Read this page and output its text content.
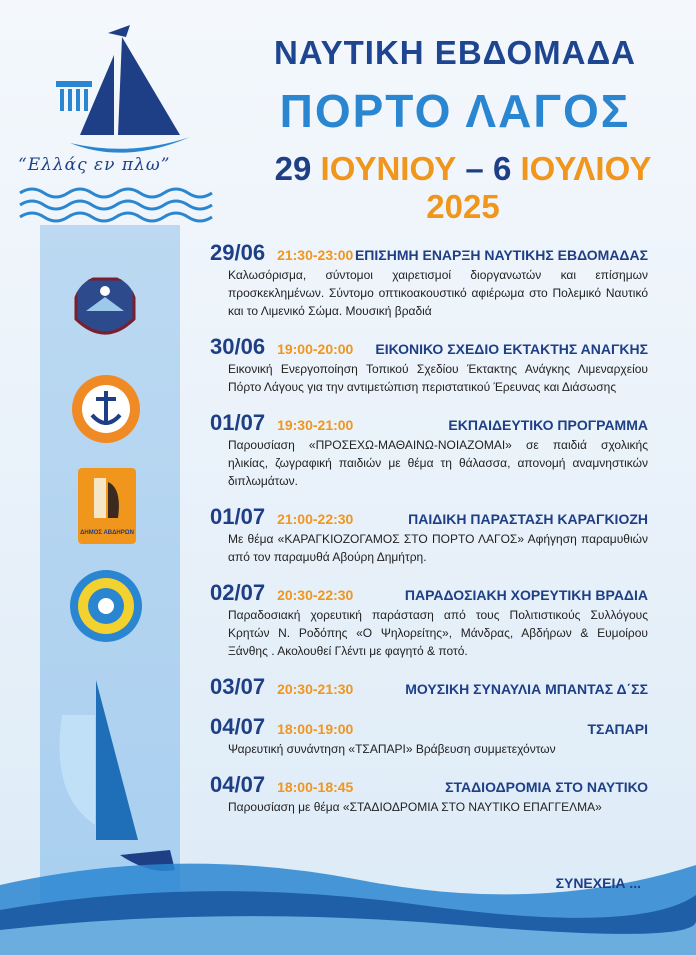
“Ελλάς εν πλω”
ΝΑΥΤΙΚΗ ΕΒΔΟΜΑΔΑ
ΠΟΡΤΟ ΛΑΓΟΣ
29 ΙΟΥΝΙΟΥ – 6 ΙΟΥΛΙΟΥ 2025
ΔΗΜΟΣ ΑΒΔΗΡΩΝ
29/06 21:30-23:00 ΕΠΙΣΗΜΗ ΕΝΑΡΞΗ ΝΑΥΤΙΚΗΣ ΕΒΔΟΜΑΔΑΣ
Καλωσόρισμα, σύντομοι χαιρετισμοί διοργανωτών και επίσημων προσκεκλημένων. Σύντομο οπτικοακουστικό αφιέρωμα στο Πολεμικό Ναυτικό και το Λιμενικό Σώμα. Μουσική βραδιά
30/06 19:00-20:00 ΕΙΚΟΝΙΚΟ ΣΧΕΔΙΟ ΕΚΤΑΚΤΗΣ ΑΝΑΓΚΗΣ
Εικονική Ενεργοποίηση Τοπικού Σχεδίου Έκτακτης Ανάγκης Λιμεναρχείου Πόρτο Λάγους για την αντιμετώπιση περιστατικού Έρευνας και Διάσωσης
01/07 19:30-21:00	ΕΚΠΑΙΔΕΥΤΙΚΟ ΠΡΟΓΡΑΜΜΑ
Παρουσίαση «ΠΡΟΣΕΧΩ-ΜΑΘΑΙΝΩ-ΝΟΙΑΖΟΜΑΙ» σε παιδιά σχολικής ηλικίας, ζωγραφική παιδιών με θέμα τη θάλασσα, απονομή αναμνηστικών διπλωμάτων.
01/07 21:00-22:30	ΠΑΙΔΙΚΗ ΠΑΡΑΣΤΑΣΗ ΚΑΡΑΓΚΙΟΖΗ
Με θέμα «ΚΑΡΑΓΚΙΟΖΟΓΑΜΟΣ ΣΤΟ ΠΟΡΤΟ ΛΑΓΟΣ» Αφήγηση παραμυθιών από τον παραμυθά Αβούρη Δημήτρη.
02/07 20:30-22:30	ΠΑΡΑΔΟΣΙΑΚΗ ΧΟΡΕΥΤΙΚΗ ΒΡΑΔΙΑ
Παραδοσιακή χορευτική παράσταση από τους Πολιτιστικούς Συλλόγους Κρητών Ν. Ροδόπης «Ο Ψηλορείτης», Μάνδρας, Αβδήρων & Ευμοίρου Ξάνθης . Ακολουθεί Γλέντι με φαγητό & ποτό.
03/07 20:30-21:30	ΜΟΥΣΙΚΗ ΣΥΝΑΥΛΙΑ ΜΠΑΝΤΑΣ Δ΄ΣΣ
04/07 18:00-19:00	ΤΣΑΠΑΡΙ
Ψαρευτική συνάντηση «ΤΣΑΠΑΡΙ» Βράβευση συμμετεχόντων
04/07 18:00-18:45	ΣΤΑΔΙΟΔΡΟΜΙΑ ΣΤΟ ΝΑΥΤΙΚΟ
Παρουσίαση με θέμα «ΣΤΑΔΙΟΔΡΟΜΙΑ ΣΤΟ ΝΑΥΤΙΚΟ ΕΠΑΓΓΕΛΜΑ»
ΣΥΝΕΧΕΙΑ ...
